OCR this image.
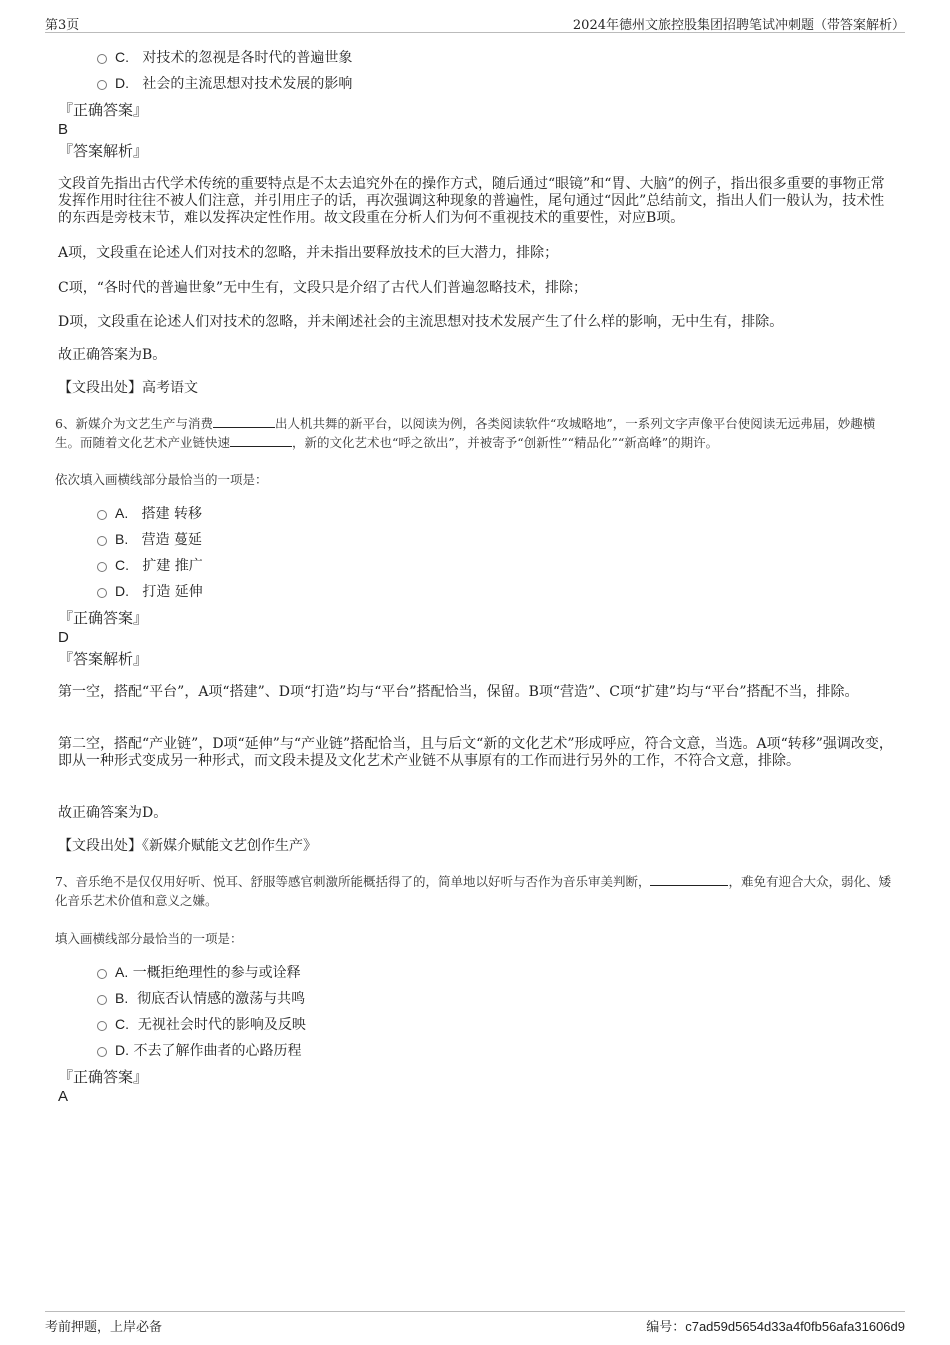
第3页	2024年德州文旅控股集团招聘笔试冲刺题（带答案解析）
C. 对技术的忽视是各时代的普遍世象
D. 社会的主流思想对技术发展的影响
『正确答案』
B
『答案解析』
文段首先指出古代学术传统的重要特点是不太去追究外在的操作方式，随后通过“眼镜”和“胃、大脑”的例子，指出很多重要的事物正常发挥作用时往往不被人们注意，并引用庄子的话，再次强调这种现象的普遍性，尾句通过“因此”总结前文，指出人们一般认为，技术性的东西是旁枝末节，难以发挥决定性作用。故文段重在分析人们为何不重视技术的重要性，对应B项。
A项，文段重在论述人们对技术的忽略，并未指出要释放技术的巨大潜力，排除；
C项，“各时代的普遍世象”无中生有，文段只是介绍了古代人们普遍忽略技术，排除；
D项，文段重在论述人们对技术的忽略，并未阐述社会的主流思想对技术发展产生了什么样的影响，无中生有，排除。
故正确答案为B。
【文段出处】高考语文
6、新媒介为文艺生产与消费	出人机共舞的新平台，以阅读为例，各类阅读软件“攻城略地”，一系列文字声像平台使阅读无远弗届，妙趣横生。而随着文化艺术产业链快速	，新的文化艺术也“呼之欲出”，并被寄予“创新性”“精品化”“新高峰”的期许。
依次填入画横线部分最恰当的一项是：
A. 搭建 转移
B. 营造 蔓延
C. 扩建 推广
D. 打造 延伸
『正确答案』
D
『答案解析』
第一空，搭配“平台”，A项“搭建”、D项“打造”均与“平台”搭配恰当，保留。B项“营造”、C项“扩建”均与“平台”搭配不当，排除。
第二空，搭配“产业链”，D项“延伸”与“产业链”搭配恰当，且与后文“新的文化艺术”形成呼应，符合文意，当选。A项“转移”强调改变，即从一种形式变成另一种形式，而文段未提及文化艺术产业链不从事原有的工作而进行另外的工作，不符合文意，排除。
故正确答案为D。
【文段出处】《新媒介赋能文艺创作生产》
7、音乐绝不是仅仅用好听、悦耳、舒服等感官刺激所能概括得了的，简单地以好听与否作为音乐审美判断，	，难免有迎合大众，弱化、矮化音乐艺术价值和意义之嫌。
填入画横线部分最恰当的一项是：
A. 一概拒绝理性的参与或诠释
B. 彻底否认情感的激荡与共鸣
C. 无视社会时代的影响及反映
D. 不去了解作曲者的心路历程
『正确答案』
A
考前押题，上岸必备	编号：c7ad59d5654d33a4f0fb56afa31606d9
